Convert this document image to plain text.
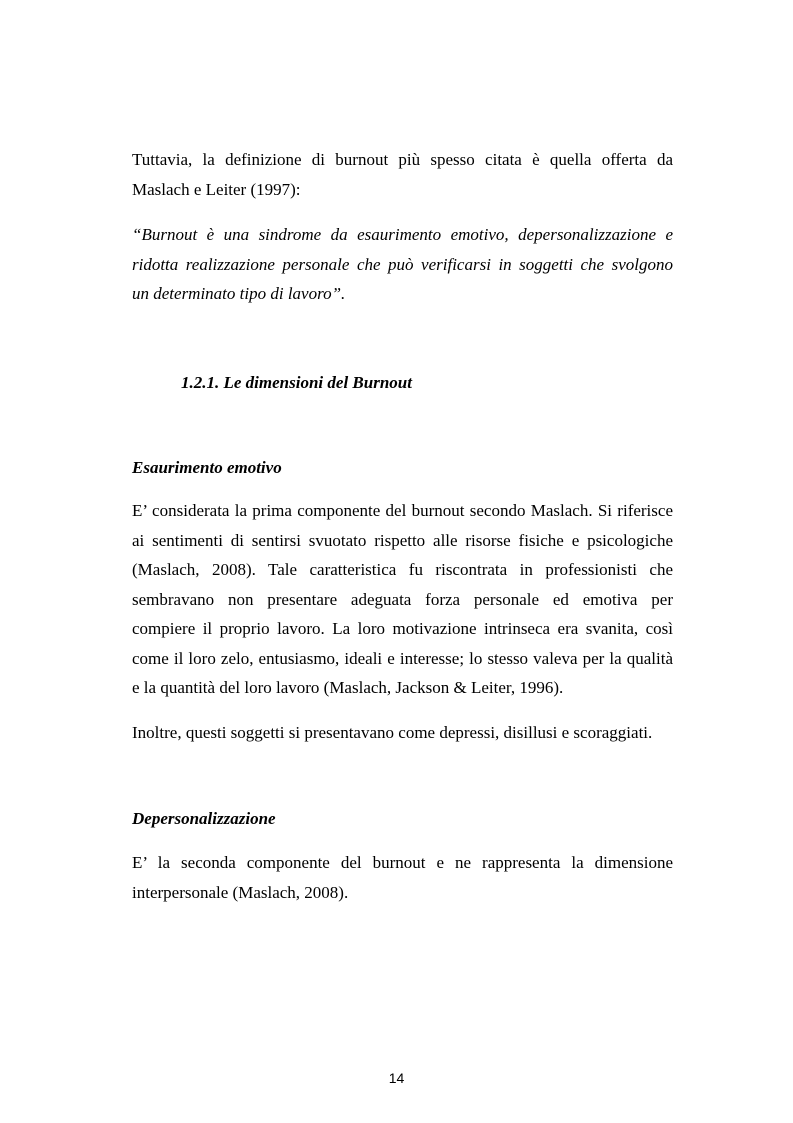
Tuttavia, la definizione di burnout più spesso citata è quella offerta da
Maslach e Leiter (1997):

“Burnout è una sindrome da esaurimento emotivo, depersonalizzazione e
ridotta realizzazione personale che può verificarsi in soggetti che svolgono
un determinato tipo di lavoro”.

1.2.1. Le dimensioni del Burnout
Esaurimento emotivo

E’ considerata la prima componente del burnout secondo Maslach. Si riferisce
ai sentimenti di sentirsi svuotato rispetto alle risorse fisiche e psicologiche
(Maslach, 2008). Tale caratteristica fu riscontrata in professionisti che
sembravano non presentare adeguata forza personale ed emotiva per
compiere il proprio lavoro. La loro motivazione intrinseca era svanita, così
come il loro zelo, entusiasmo, ideali e interesse; lo stesso valeva per la qualità
e la quantità del loro lavoro (Maslach, Jackson & Leiter, 1996).

Inoltre, questi soggetti si presentavano come depressi, disillusi e scoraggiati.

Depersonalizzazione

E’ la seconda componente del burnout e ne rappresenta la dimensione
interpersonale (Maslach, 2008).

14
